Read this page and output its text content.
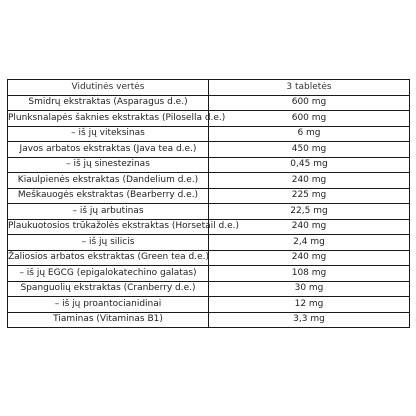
Vidutinės vertės	3 tabletės
Smidrų ekstraktas (Asparagus d.e.)	600 mg
Plunksnalapės šaknies ekstraktas (Pilosella d.e.)	600 mg
– iš jų viteksinas	6 mg
Javos arbatos ekstraktas (Java tea d.e.)	450 mg
– iš jų sinestezinas	0,45 mg
Kiaulpienės ekstraktas (Dandelium d.e.)	240 mg
Meškauogės ekstraktas (Bearberry d.e.)	225 mg
– iš jų arbutinas	22,5 mg
Plaukuotosios trūkažolės ekstraktas (Horsetail d.e.)	240 mg
– iš jų silicis	2,4 mg
Žaliosios arbatos ekstraktas (Green tea d.e.)	240 mg
– iš jų EGCG (epigalokatechino galatas)	108 mg
Spanguolių ekstraktas (Cranberry d.e.)	30 mg
– iš jų proantocianidinai	12 mg
Tiaminas (Vitaminas B1)	3,3 mg
